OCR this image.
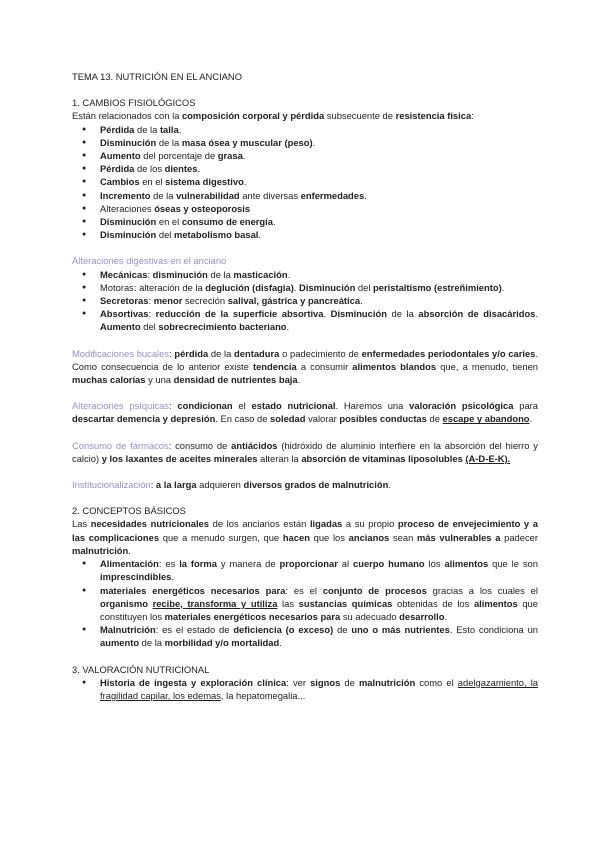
TEMA 13. NUTRICIÓN EN EL ANCIANO

1. CAMBIOS FISIOLÓGICOS

Están relacionados con la composición corporal y pérdida subsecuente de resistencia física:

● Pérdida de la talla.
● Disminución de la masa ósea y muscular (peso).
● Aumento del porcentaje de grasa.
● Pérdida de los dientes.
● Cambios en el sistema digestivo.
● Incremento de la vulnerabilidad ante diversas enfermedades.
● Alteraciones óseas y osteoporosis
● Disminución en el consumo de energía.
● Disminución del metabolismo basal.

Alteraciones digestivas en el anciano

● Mecánicas: disminución de la masticación.
● Motoras: alteración de la deglución (disfagia). Disminución del peristaltismo (estreñimiento).
● Secretoras: menor secreción salival, gástrica y pancreática.
● Absortivas: reducción de la superficie absortiva. Disminución de la absorción de disacáridos. Aumento del sobrecrecimiento bacteriano.

Modificaciones bucales: pérdida de la dentadura o padecimiento de enfermedades periodontales y/o caries. Como consecuencia de lo anterior existe tendencia a consumir alimentos blandos que, a menudo, tienen muchas calorías y una densidad de nutrientes baja.

Alteraciones psíquicas: condicionan el estado nutricional. Haremos una valoración psicológica para descartar demencia y depresión. En caso de soledad valorar posibles conductas de escape y abandono.

Consumo de fármacos: consumo de antiácidos (hidróxido de aluminio interfiere en la absorción del hierro y calcio) y los laxantes de aceites minerales alteran la absorción de vitaminas liposolubles (A-D-E-K).

Institucionalización: a la larga adquieren diversos grados de malnutrición.

2. CONCEPTOS BÁSICOS

Las necesidades nutricionales de los ancianos están ligadas a su propio proceso de envejecimiento y a las complicaciones que a menudo surgen, que hacen que los ancianos sean más vulnerables a padecer malnutrición.

● Alimentación: es la forma y manera de proporcionar al cuerpo humano los alimentos que le son imprescindibles.
● materiales energéticos necesarios para: es el conjunto de procesos gracias a los cuales el organismo recibe, transforma y utiliza las sustancias químicas obtenidas de los alimentos que constituyen los materiales energéticos necesarios para su adecuado desarrollo.
● Malnutrición: es el estado de deficiencia (o exceso) de uno o más nutrientes. Esto condiciona un aumento de la morbilidad y/o mortalidad.
3. VALORACIÓN NUTRICIONAL
● Historia de ingesta y exploración clínica: ver signos de malnutrición como el adelgazamiento, la fragilidad capilar, los edemas, la hepatomegalia...
